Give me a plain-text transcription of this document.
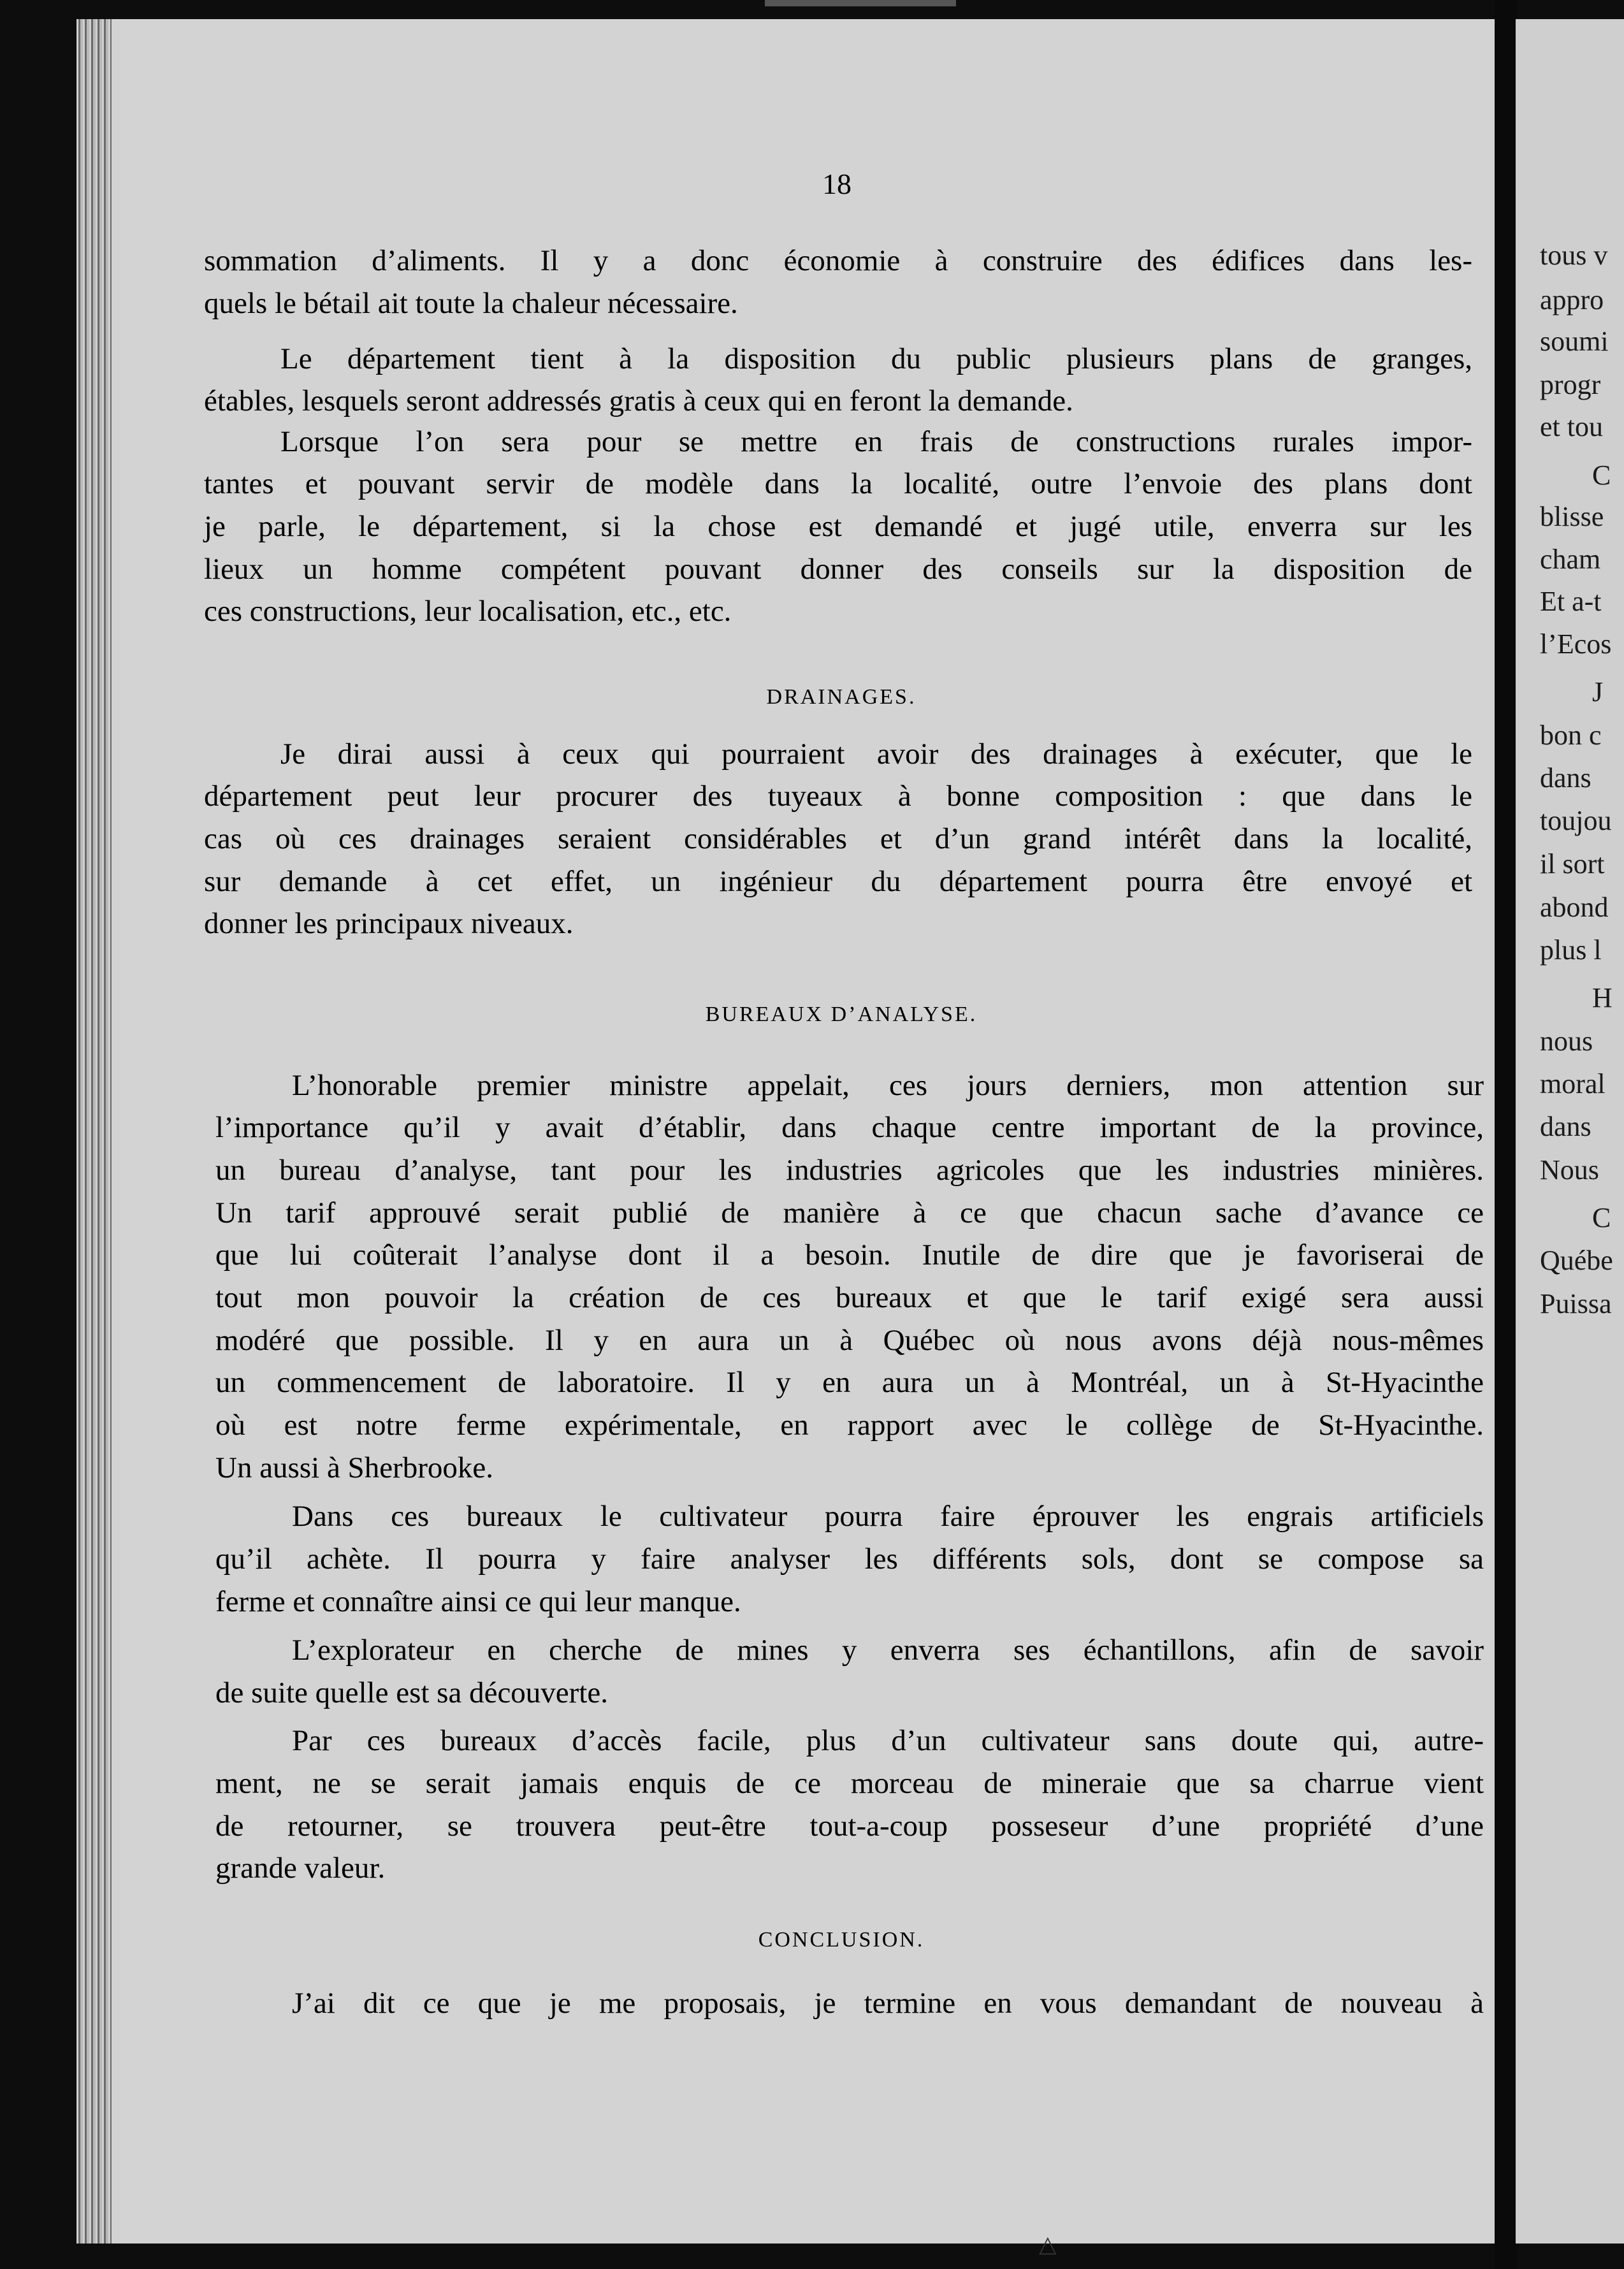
18
sommation d’aliments. Il y a donc économie à construire des édifices dans les-
quels le bétail ait toute la chaleur nécessaire.
Le département tient à la disposition du public plusieurs plans de granges,
étables, lesquels seront addressés gratis à ceux qui en feront la demande.
Lorsque l’on sera pour se mettre en frais de constructions rurales impor-
tantes et pouvant servir de modèle dans la localité, outre l’envoie des plans dont
je parle, le département, si la chose est demandé et jugé utile, enverra sur les
lieux un homme compétent pouvant donner des conseils sur la disposition de
ces constructions, leur localisation, etc., etc.
Je dirai aussi à ceux qui pourraient avoir des drainages à exécuter, que le
département peut leur procurer des tuyeaux à bonne composition : que dans le
cas où ces drainages seraient considérables et d’un grand intérêt dans la localité,
sur demande à cet effet, un ingénieur du département pourra être envoyé et
donner les principaux niveaux.
L’honorable premier ministre appelait, ces jours derniers, mon attention sur
l’importance qu’il y avait d’établir, dans chaque centre important de la province,
un bureau d’analyse, tant pour les industries agricoles que les industries minières.
Un tarif approuvé serait publié de manière à ce que chacun sache d’avance ce
que lui coûterait l’analyse dont il a besoin. Inutile de dire que je favoriserai de
tout mon pouvoir la création de ces bureaux et que le tarif exigé sera aussi
modéré que possible. Il y en aura un à Québec où nous avons déjà nous-mêmes
un commencement de laboratoire. Il y en aura un à Montréal, un à St-Hyacinthe
où est notre ferme expérimentale, en rapport avec le collège de St-Hyacinthe.
Un aussi à Sherbrooke.
Dans ces bureaux le cultivateur pourra faire éprouver les engrais artificiels
qu’il achète. Il pourra y faire analyser les différents sols, dont se compose sa
ferme et connaître ainsi ce qui leur manque.
L’explorateur en cherche de mines y enverra ses échantillons, afin de savoir
de suite quelle est sa découverte.
Par ces bureaux d’accès facile, plus d’un cultivateur sans doute qui, autre-
ment, ne se serait jamais enquis de ce morceau de mineraie que sa charrue vient
de retourner, se trouvera peut-être tout-a-coup posseseur d’une propriété d’une
grande valeur.
J’ai dit ce que je me proposais, je termine en vous demandant de nouveau à
DRAINAGES.
BUREAUX D’ANALYSE.
CONCLUSION.
△
tous v
appro
soumi
progr
et tou
C
blisse
cham
Et a-t
l’Ecos
J
bon c
dans
toujou
il sort
abond
plus l
H
nous
moral
dans
Nous
C
Québe
Puissa
